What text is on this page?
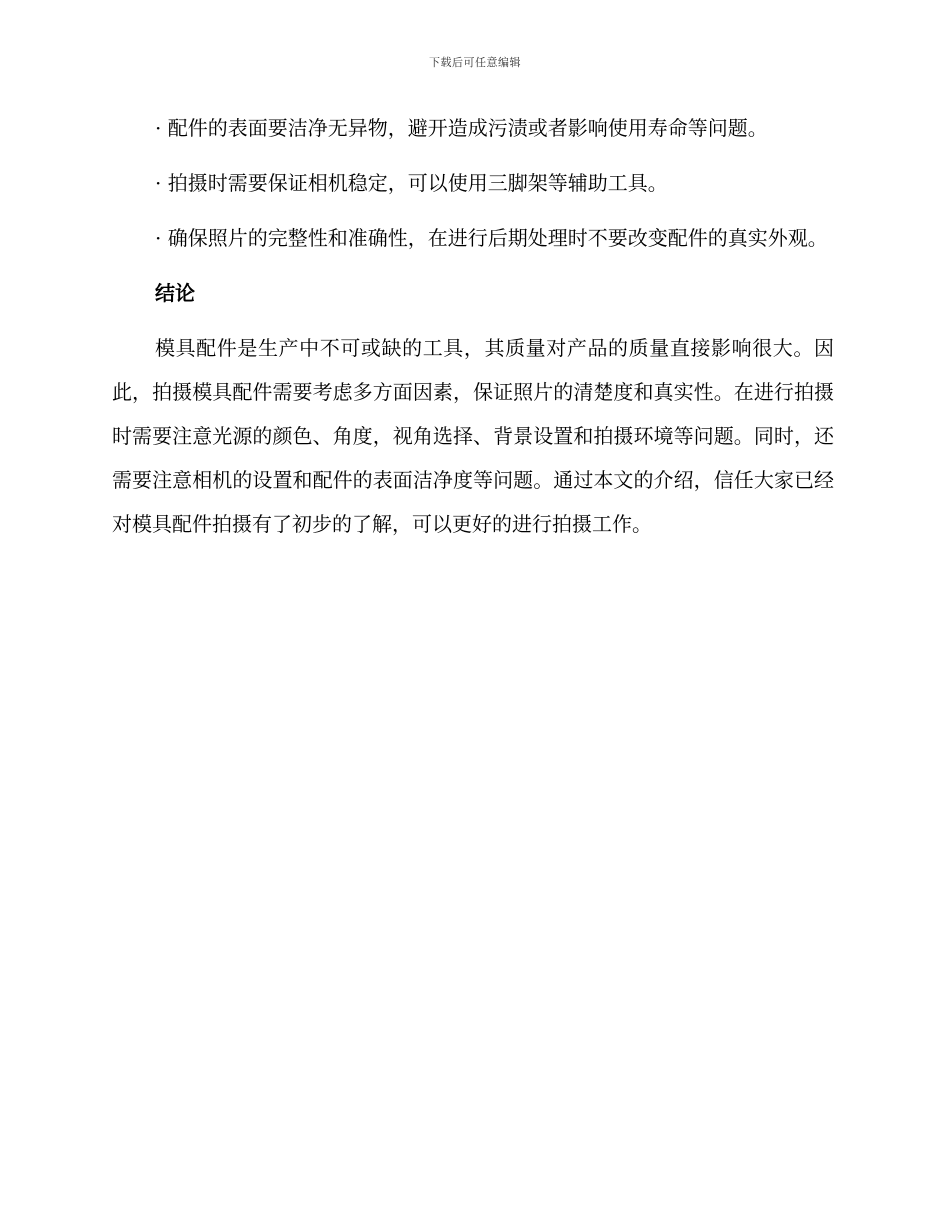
下载后可任意编辑

· 配件的表面要洁净无异物，避开造成污渍或者影响使用寿命等问题。

· 拍摄时需要保证相机稳定，可以使用三脚架等辅助工具。

· 确保照片的完整性和准确性，在进行后期处理时不要改变配件的真实外观。

结论

模具配件是生产中不可或缺的工具，其质量对产品的质量直接影响很大。因此，拍摄模具配件需要考虑多方面因素，保证照片的清楚度和真实性。在进行拍摄时需要注意光源的颜色、角度，视角选择、背景设置和拍摄环境等问题。同时，还需要注意相机的设置和配件的表面洁净度等问题。通过本文的介绍，信任大家已经对模具配件拍摄有了初步的了解，可以更好的进行拍摄工作。
